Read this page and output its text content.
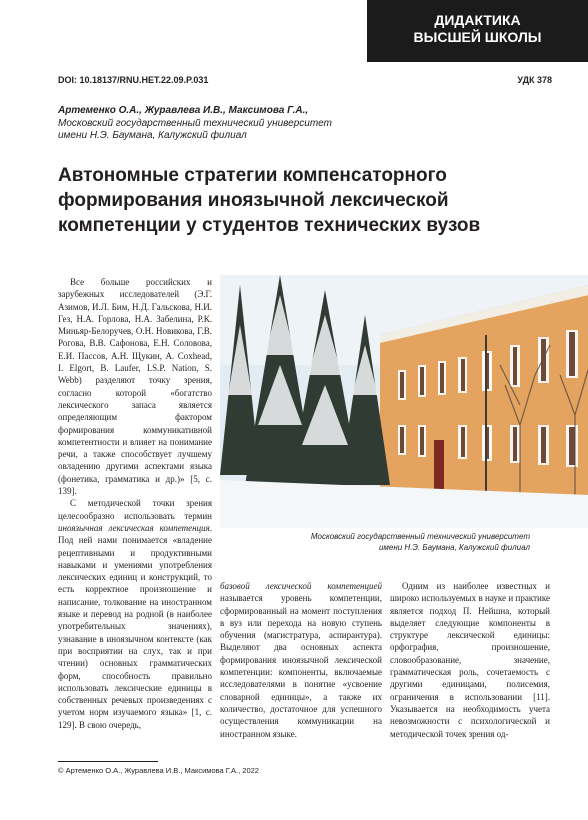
ДИДАКТИКА
ВЫСШЕЙ ШКОЛЫ
DOI: 10.18137/RNU.HET.22.09.P.031	УДК 378
Артеменко О.А., Журавлева И.В., Максимова Г.А.,
Московский государственный технический университет
имени Н.Э. Баумана, Калужский филиал
Автономные стратегии компенсаторного
формирования иноязычной лексической
компетенции у студентов технических вузов

Все больше российских и зарубежных исследователей (Э.Г. Азимов, И.Л. Бим, Н.Д. Гальскова, Н.И. Гез, Н.А. Горлова, Н.А. Забелина, Р.К. Миньяр-Белоручев, О.Н. Новикова, Г.В. Рогова, В.В. Сафонова, Е.Н. Соловова, Е.И. Пассов, А.Н. Щукин, A. Coxhead, I. Elgort, B. Laufer, I.S.P. Nation, S. Webb) разделяют точку зрения, согласно которой «богатство лексического запаса является определяющим фактором формирования коммуникативной компетентности и влияет на понимание речи, а также способствует лучшему овладению другими аспектами языка (фонетика, грамматика и др.)» [5, с. 139].

С методической точки зрения целесообразно использовать термин иноязычная лексическая компетенция. Под ней нами понимается «владение рецептивными и продуктивными навыками и умениями употребления лексических единиц и конструкций, то есть корректное произношение и написание, толкование на иностранном языке и перевод на родной (в наиболее употребительных значениях), узнавание в иноязычном контексте (как при восприятии на слух, так и при чтении) основных грамматических форм, способность правильно использовать лексические единицы в собственных речевых произведениях с учетом норм изучаемого языка» [1, с. 129]. В свою очередь,

Московский государственный технический университет
имени Н.Э. Баумана, Калужский филиал

базовой лексической компетенцией называется уровень компетенции, сформированный на момент поступления в вуз или перехода на новую ступень обучения (магистратура, аспирантура). Выделяют два основных аспекта формирования иноязычной лексической компетенции: компоненты, включаемые исследователями в понятие «усвоение словарной единицы», а также их количество, достаточное для успешного осуществления коммуникации на иностранном языке.

Одним из наиболее известных и широко используемых в науке и практике является подход П. Нейшна, который выделяет следующие компоненты в структуре лексической единицы: орфография, произношение, словообразование, значение, грамматическая роль, сочетаемость с другими единицами, полисемия, ограничения в использовании [11]. Указывается на необходимость учета невозможности с психологической и методической точек зрения од-

© Артеменко О.А., Журавлева И.В., Максимова Г.А., 2022
